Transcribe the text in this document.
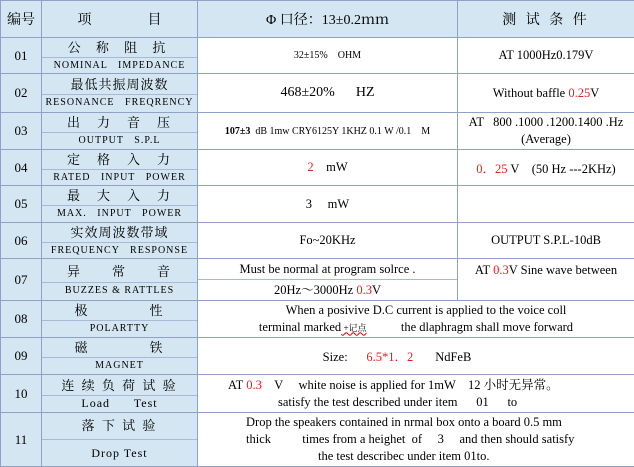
编号	项　　　　目	Φ 口径：13±0.2ｍｍ	测 试 条 件
01	公 称 阻 抗
NOMINAL   IMPEDANCE	32±15%    OHM	AT 1000Hz0.179V
02	最低共振周波数
RESONANCE   FREQRENCY	468±20%      HZ	Without baffle 0.25V
03	出　力　音　压
OUTPUT   S.P.L	107±3  dB 1mw CRY6125Y 1KHZ 0.1 W /0.1    M	AT   800 .1000 .1200.1400 .Hz
(Average)

04	定　格　入　力
RATED   INPUT   POWER	2    mW	0．25 V    (50 Hz ---2KHz)
05	最　大　入　力
MAX.   INPUT   POWER	3     mW	
06	实效周波数带域
FREQUENCY   RESPONSE	Fo~20KHz	OUTPUT S.P.L-10dB
07	异　　常　　音
BUZZES & RATTLES	Must be normal at program solrce .
20Hz～3000Hz 0.3V	AT 0.3V Sine wave between
08	极　　　　性
POLARTTY	When a posivive D.C current is applied to the voice coll
terminal marked +记点           the dlaphragm shall move forward	

09	磁　　　　铁
MAGNET	Size:      6.5*1．2       NdFeB	
10	连 续 负 荷 试 验
Load      Test	AT 0.3    V     white noise is applied for 1mW    12 小时无异常。
satisfy the test described under item      01      to	

11	落 下 试 验
Drop Test	Drop the speakers contained in nrmal box onto a board 0.5 mm
thick          times from a heighet  of     3     and then should satisfy
the test describec under item 01to.	
